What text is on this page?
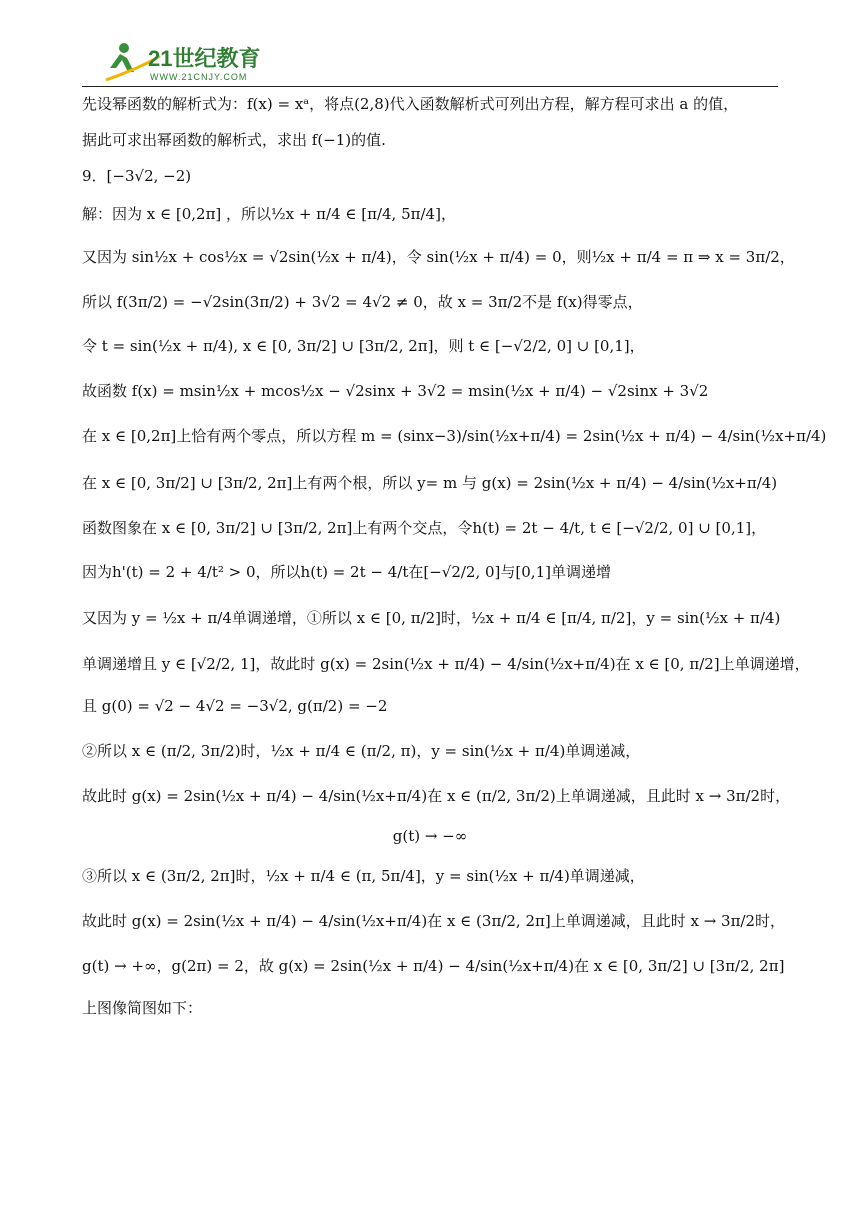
21世纪教育
WWW.21CNJY.COM
先设幂函数的解析式为：f(x) = xᵃ，将点(2,8)代入函数解析式可列出方程，解方程可求出 a 的值，
据此可求出幂函数的解析式，求出 f(−1)的值.
9．[−3√2, −2)
解：因为 x ∈ [0,2π] ，所以½x + π/4 ∈ [π/4, 5π/4]，
又因为 sin½x + cos½x = √2sin(½x + π/4)，令 sin(½x + π/4) = 0，则½x + π/4 = π ⇒ x = 3π/2，
所以 f(3π/2) = −√2sin(3π/2) + 3√2 = 4√2 ≠ 0，故 x = 3π/2不是 f(x)得零点，
令 t = sin(½x + π/4), x ∈ [0, 3π/2] ∪ [3π/2, 2π]，则 t ∈ [−√2/2, 0] ∪ [0,1]，
故函数 f(x) = msin½x + mcos½x − √2sinx + 3√2 = msin(½x + π/4) − √2sinx + 3√2
在 x ∈ [0,2π]上恰有两个零点，所以方程 m = (sinx−3)/sin(½x+π/4) = 2sin(½x + π/4) − 4/sin(½x+π/4)
在 x ∈ [0, 3π/2] ∪ [3π/2, 2π]上有两个根，所以 y= m 与 g(x) = 2sin(½x + π/4) − 4/sin(½x+π/4)
函数图象在 x ∈ [0, 3π/2] ∪ [3π/2, 2π]上有两个交点，令h(t) = 2t − 4/t, t ∈ [−√2/2, 0] ∪ [0,1]，
因为h'(t) = 2 + 4/t² > 0，所以h(t) = 2t − 4/t在[−√2/2, 0]与[0,1]单调递增
又因为 y = ½x + π/4单调递增，①所以 x ∈ [0, π/2]时，½x + π/4 ∈ [π/4, π/2]，y = sin(½x + π/4)
单调递增且 y ∈ [√2/2, 1]，故此时 g(x) = 2sin(½x + π/4) − 4/sin(½x+π/4)在 x ∈ [0, π/2]上单调递增，
且 g(0) = √2 − 4√2 = −3√2, g(π/2) = −2
②所以 x ∈ (π/2, 3π/2)时，½x + π/4 ∈ (π/2, π)，y = sin(½x + π/4)单调递减，
故此时 g(x) = 2sin(½x + π/4) − 4/sin(½x+π/4)在 x ∈ (π/2, 3π/2)上单调递减，且此时 x → 3π/2时，
g(t) → −∞
③所以 x ∈ (3π/2, 2π]时，½x + π/4 ∈ (π, 5π/4]，y = sin(½x + π/4)单调递减，
故此时 g(x) = 2sin(½x + π/4) − 4/sin(½x+π/4)在 x ∈ (3π/2, 2π]上单调递减，且此时 x → 3π/2时，
g(t) → +∞，g(2π) = 2，故 g(x) = 2sin(½x + π/4) − 4/sin(½x+π/4)在 x ∈ [0, 3π/2] ∪ [3π/2, 2π]
上图像简图如下：
